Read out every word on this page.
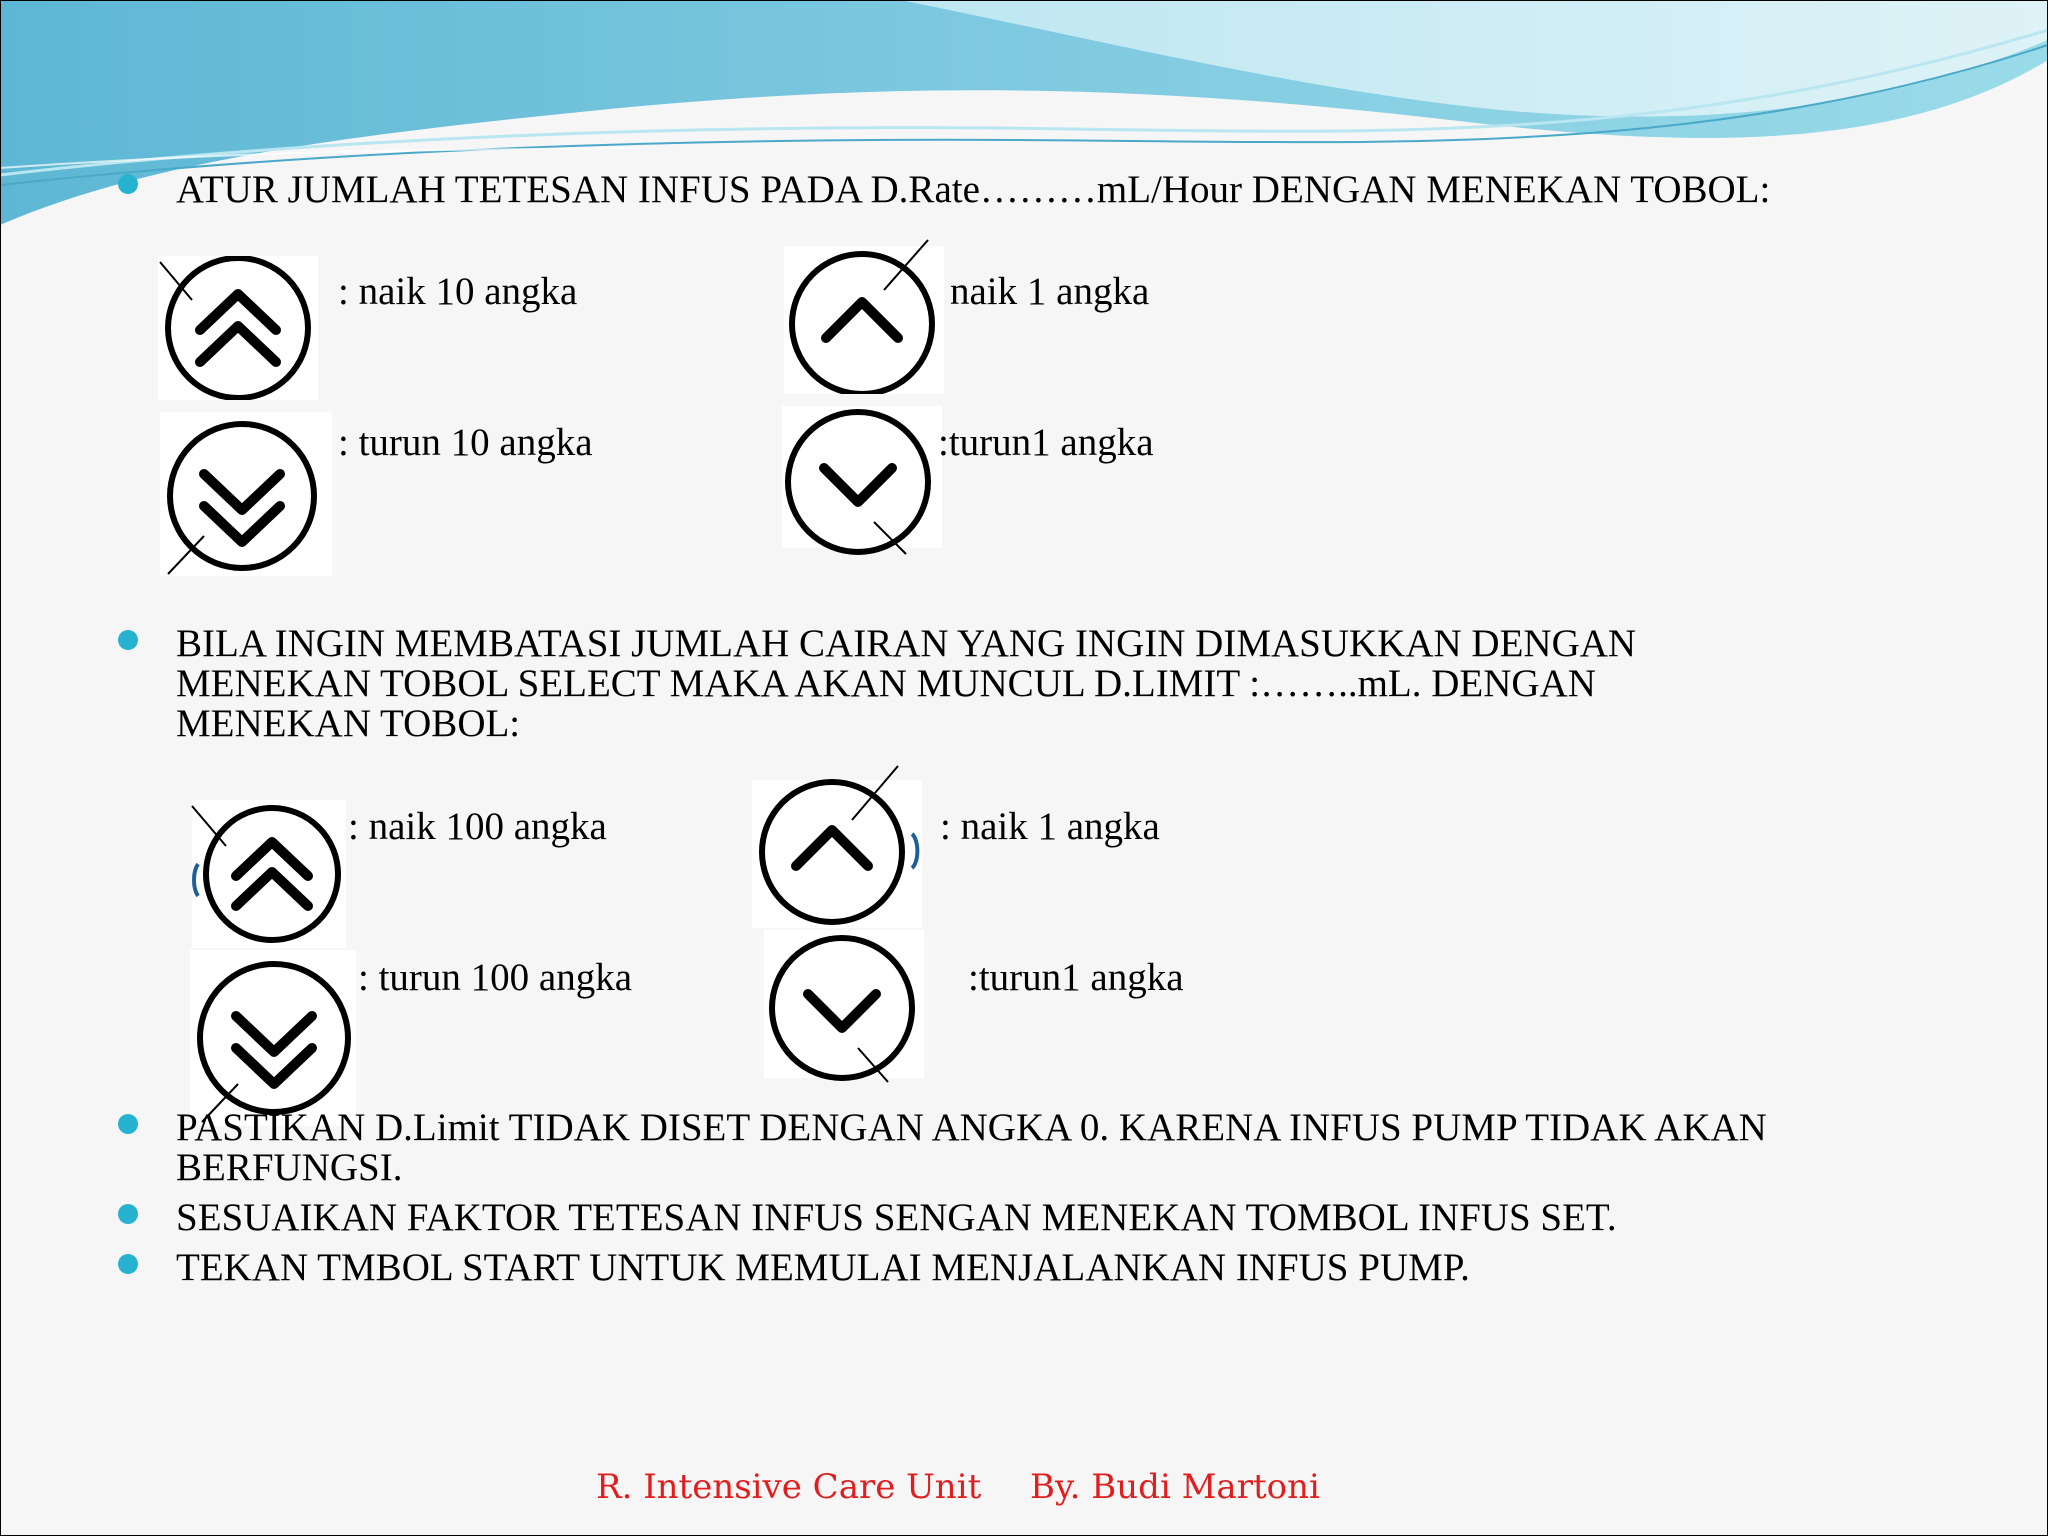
ATUR JUMLAH TETESAN INFUS PADA D.Rate………mL/Hour DENGAN MENEKAN TOBOL:
: naik 10 angka	naik 1 angka
: turun 10 angka	:turun1 angka
BILA INGIN MEMBATASI JUMLAH CAIRAN YANG INGIN DIMASUKKAN DENGAN
MENEKAN TOBOL SELECT MAKA AKAN MUNCUL D.LIMIT :……..mL. DENGAN
MENEKAN TOBOL:
: naik 100 angka	: naik 1 angka
: turun 100 angka	:turun1 angka
PASTIKAN D.Limit TIDAK DISET DENGAN ANGKA 0. KARENA INFUS PUMP TIDAK AKAN
BERFUNGSI.
SESUAIKAN FAKTOR TETESAN INFUS SENGAN MENEKAN TOMBOL INFUS SET.
TEKAN TMBOL START UNTUK MEMULAI MENJALANKAN INFUS PUMP.
R. Intensive Care Unit By. Budi Martoni
